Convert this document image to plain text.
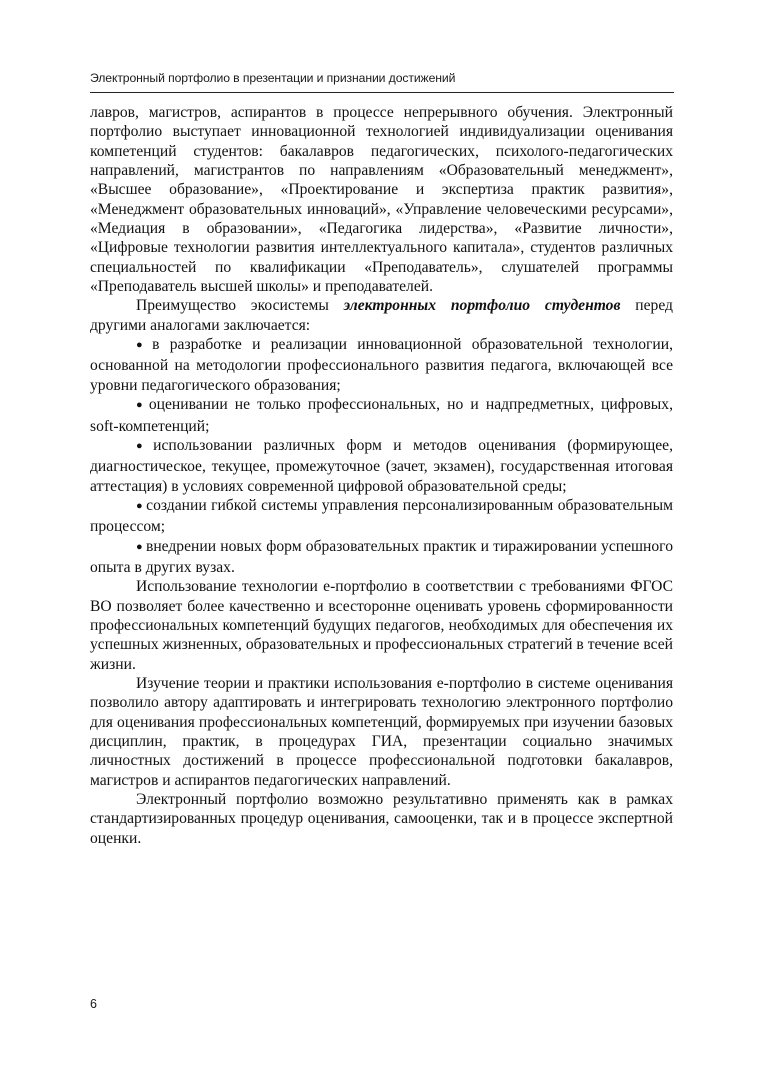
Электронный портфолио в презентации и признании достижений

лавров, магистров, аспирантов в процессе непрерывного обучения. Электронный портфолио выступает инновационной технологией индивидуализации оценивания компетенций студентов: бакалавров педагогических, психолого-педагогических направлений, магистрантов по направлениям «Образовательный менеджмент», «Высшее образование», «Проектирование и экспертиза практик развития», «Менеджмент образовательных инноваций», «Управление человеческими ресурсами», «Медиация в образовании», «Педагогика лидерства», «Развитие личности», «Цифровые технологии развития интеллектуального капитала», студентов различных специальностей по квалификации «Преподаватель», слушателей программы «Преподаватель высшей школы» и преподавателей.

Преимущество экосистемы электронных портфолио студентов перед другими аналогами заключается:

● в разработке и реализации инновационной образовательной технологии, основанной на методологии профессионального развития педагога, включающей все уровни педагогического образования;

● оценивании не только профессиональных, но и надпредметных, цифровых, soft-компетенций;

● использовании различных форм и методов оценивания (формирующее, диагностическое, текущее, промежуточное (зачет, экзамен), государственная итоговая аттестация) в условиях современной цифровой образовательной среды;

● создании гибкой системы управления персонализированным образовательным процессом;

● внедрении новых форм образовательных практик и тиражировании успешного опыта в других вузах.

Использование технологии е-портфолио в соответствии с требованиями ФГОС ВО позволяет более качественно и всесторонне оценивать уровень сформированности профессиональных компетенций будущих педагогов, необходимых для обеспечения их успешных жизненных, образовательных и профессиональных стратегий в течение всей жизни.

Изучение теории и практики использования е-портфолио в системе оценивания позволило автору адаптировать и интегрировать технологию электронного портфолио для оценивания профессиональных компетенций, формируемых при изучении базовых дисциплин, практик, в процедурах ГИА, презентации социально значимых личностных достижений в процессе профессиональной подготовки бакалавров, магистров и аспирантов педагогических направлений.

Электронный портфолио возможно результативно применять как в рамках стандартизированных процедур оценивания, самооценки, так и в процессе экспертной оценки.

6
